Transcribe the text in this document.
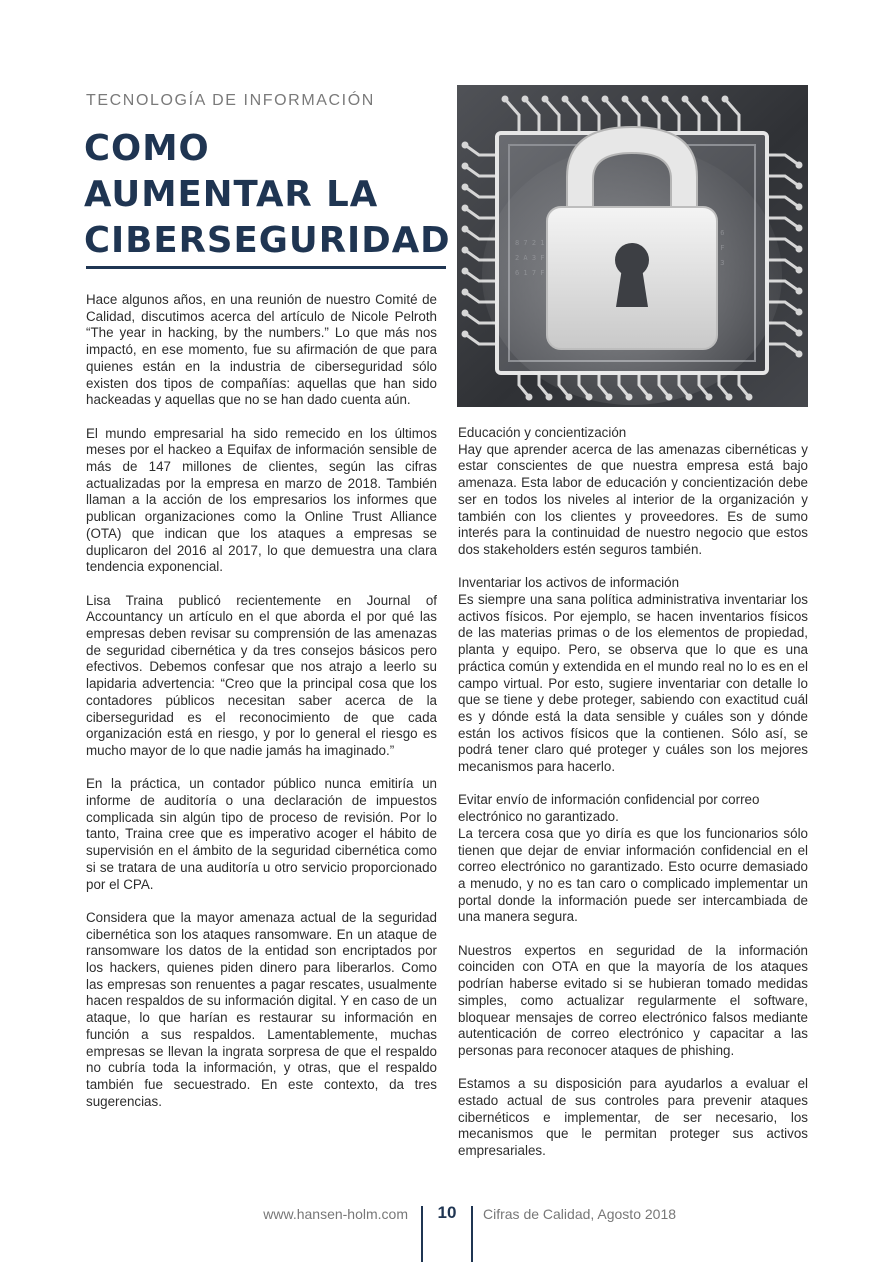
TECNOLOGÍA DE INFORMACIÓN
COMO
AUMENTAR LA
CIBERSEGURIDAD

Hace algunos años, en una reunión de nuestro Comité de Calidad, discutimos acerca del artículo de Nicole Pelroth “The year in hacking, by the numbers.” Lo que más nos impactó, en ese momento, fue su afirmación de que para quienes están en la industria de ciberseguridad sólo existen dos tipos de compañías: aquellas que han sido hackeadas y aquellas que no se han dado cuenta aún.

El mundo empresarial ha sido remecido en los últimos meses por el hackeo a Equifax de información sensible de más de 147 millones de clientes, según las cifras actualizadas por la empresa en marzo de 2018. También llaman a la acción de los empresarios los informes que publican organizaciones como la Online Trust Alliance (OTA) que indican que los ataques a empresas se duplicaron del 2016 al 2017, lo que demuestra una clara tendencia exponencial.

Lisa Traina publicó recientemente en Journal of Accountancy un artículo en el que aborda el por qué las empresas deben revisar su comprensión de las amenazas de seguridad cibernética y da tres consejos básicos pero efectivos. Debemos confesar que nos atrajo a leerlo su lapidaria advertencia: “Creo que la principal cosa que los contadores públicos necesitan saber acerca de la ciberseguridad es el reconocimiento de que cada organización está en riesgo, y por lo general el riesgo es mucho mayor de lo que nadie jamás ha imaginado.”

En la práctica, un contador público nunca emitiría un informe de auditoría o una declaración de impuestos complicada sin algún tipo de proceso de revisión. Por lo tanto, Traina cree que es imperativo acoger el hábito de supervisión en el ámbito de la seguridad cibernética como si se tratara de una auditoría u otro servicio proporcionado por el CPA.

Considera que la mayor amenaza actual de la seguridad cibernética son los ataques ransomware. En un ataque de ransomware los datos de la entidad son encriptados por los hackers, quienes piden dinero para liberarlos. Como las empresas son renuentes a pagar rescates, usualmente hacen respaldos de su información digital. Y en caso de un ataque, lo que harían es restaurar su información en función a sus respaldos. Lamentablemente, muchas empresas se llevan la ingrata sorpresa de que el respaldo no cubría toda la información, y otras, que el respaldo también fue secuestrado. En este contexto, da tres sugerencias.

Educación y concientización
Hay que aprender acerca de las amenazas cibernéticas y estar conscientes de que nuestra empresa está bajo amenaza. Esta labor de educación y concientización debe ser en todos los niveles al interior de la organización y también con los clientes y proveedores. Es de sumo interés para la continuidad de nuestro negocio que estos dos stakeholders estén seguros también.

Inventariar los activos de información
Es siempre una sana política administrativa inventariar los activos físicos. Por ejemplo, se hacen inventarios físicos de las materias primas o de los elementos de propiedad, planta y equipo. Pero, se observa que lo que es una práctica común y extendida en el mundo real no lo es en el campo virtual. Por esto, sugiere inventariar con detalle lo que se tiene y debe proteger, sabiendo con exactitud cuál es y dónde está la data sensible y cuáles son y dónde están los activos físicos que la contienen. Sólo así, se podrá tener claro qué proteger y cuáles son los mejores mecanismos para hacerlo.

Evitar envío de información confidencial por correo electrónico no garantizado.
La tercera cosa que yo diría es que los funcionarios sólo tienen que dejar de enviar información confidencial en el correo electrónico no garantizado. Esto ocurre demasiado a menudo, y no es tan caro o complicado implementar un portal donde la información puede ser intercambiada de una manera segura.

Nuestros expertos en seguridad de la información coinciden con OTA en que la mayoría de los ataques podrían haberse evitado si se hubieran tomado medidas simples, como actualizar regularmente el software, bloquear mensajes de correo electrónico falsos mediante autenticación de correo electrónico y capacitar a las personas para reconocer ataques de phishing.

Estamos a su disposición para ayudarlos a evaluar el estado actual de sus controles para prevenir ataques cibernéticos e implementar, de ser necesario, los mecanismos que le permitan proteger sus activos empresariales.

www.hansen-holm.com	10	Cifras de Calidad, Agosto 2018
